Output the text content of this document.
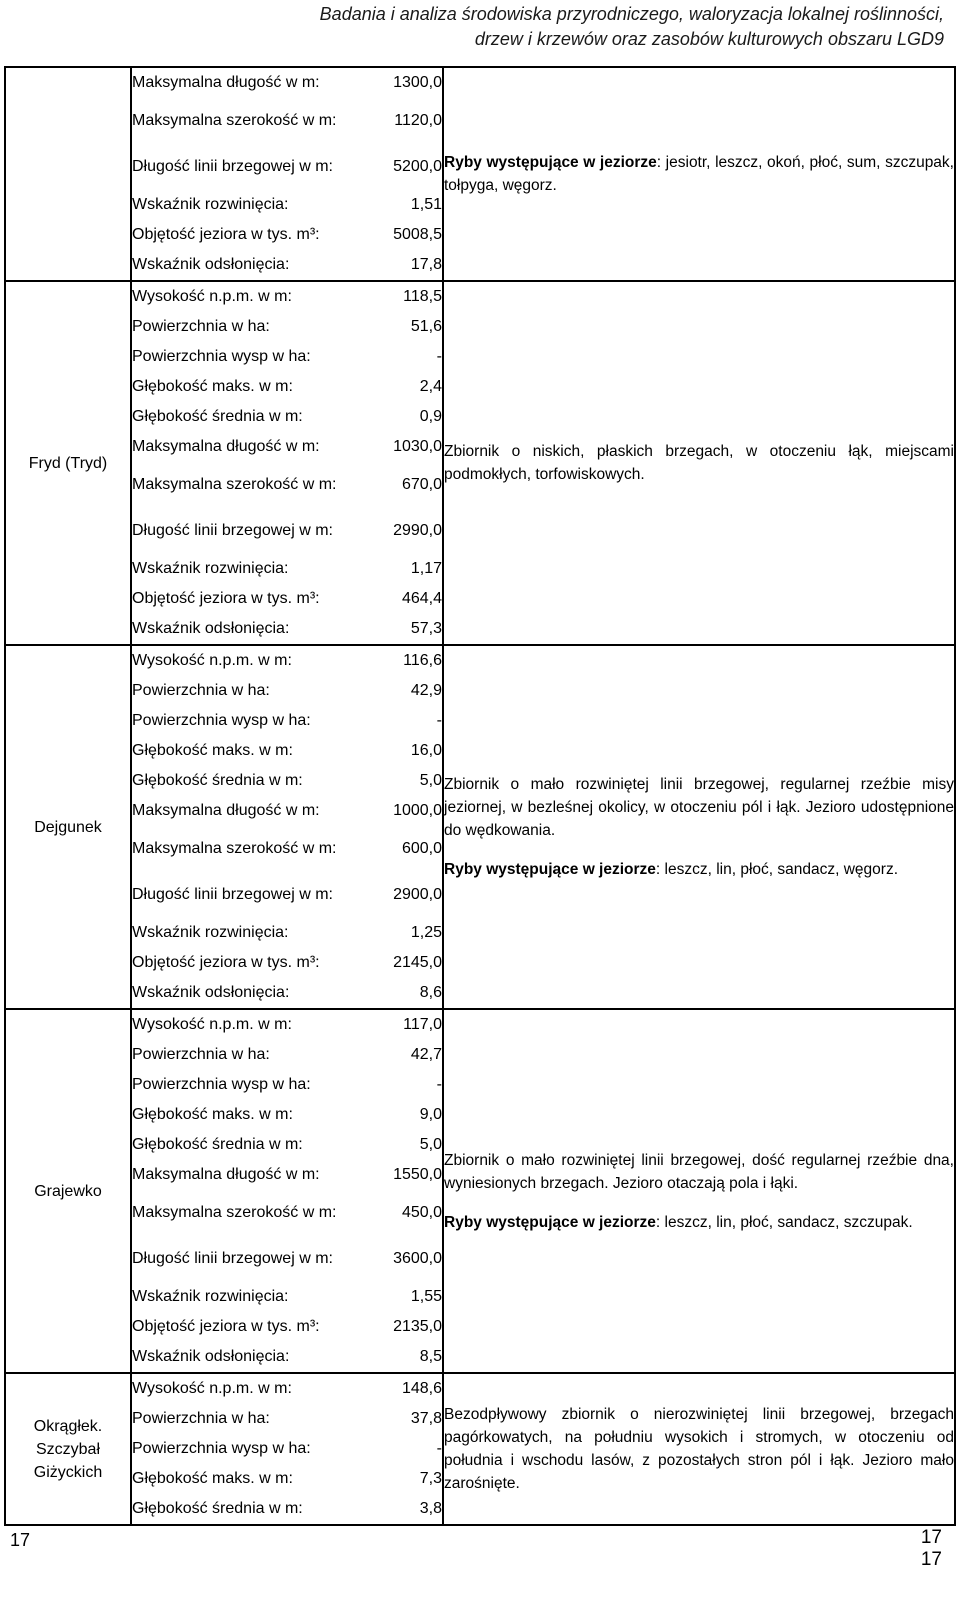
Badania i analiza środowiska przyrodniczego, waloryzacja lokalnej roślinności,
drzew i krzewów oraz zasobów kulturowych obszaru LGD9

Maksymalna długość w m:	1300,0
Maksymalna szerokość w m:	1120,0
Długość linii brzegowej w m:	5200,0
Wskaźnik rozwinięcia:	1,51
Objętość jeziora w tys. m³:	5008,5
Wskaźnik odsłonięcia:	17,8

Ryby występujące w jeziorze: jesiotr, leszcz, okoń, płoć, sum, szczupak, tołpyga, węgorz.

Fryd (Tryd)	
Wysokość n.p.m. w m:	118,5
Powierzchnia w ha:	51,6
Powierzchnia wysp w ha:	-
Głębokość maks. w m:	2,4
Głębokość średnia w m:	0,9
Maksymalna długość w m:	1030,0
Maksymalna szerokość w m:	670,0
Długość linii brzegowej w m:	2990,0
Wskaźnik rozwinięcia:	1,17
Objętość jeziora w tys. m³:	464,4
Wskaźnik odsłonięcia:	57,3

Zbiornik o niskich, płaskich brzegach, w otoczeniu łąk, miejscami podmokłych, torfowiskowych.

Dejgunek	
Wysokość n.p.m. w m:	116,6
Powierzchnia w ha:	42,9
Powierzchnia wysp w ha:	-
Głębokość maks. w m:	16,0
Głębokość średnia w m:	5,0
Maksymalna długość w m:	1000,0
Maksymalna szerokość w m:	600,0
Długość linii brzegowej w m:	2900,0
Wskaźnik rozwinięcia:	1,25
Objętość jeziora w tys. m³:	2145,0
Wskaźnik odsłonięcia:	8,6

Zbiornik o mało rozwiniętej linii brzegowej, regularnej rzeźbie misy jeziornej, w bezleśnej okolicy, w otoczeniu pól i łąk. Jezioro udostępnione do wędkowania.

Ryby występujące w jeziorze: leszcz, lin, płoć, sandacz, węgorz.

Grajewko	
Wysokość n.p.m. w m:	117,0
Powierzchnia w ha:	42,7
Powierzchnia wysp w ha:	-
Głębokość maks. w m:	9,0
Głębokość średnia w m:	5,0
Maksymalna długość w m:	1550,0
Maksymalna szerokość w m:	450,0
Długość linii brzegowej w m:	3600,0
Wskaźnik rozwinięcia:	1,55
Objętość jeziora w tys. m³:	2135,0
Wskaźnik odsłonięcia:	8,5

Zbiornik o mało rozwiniętej linii brzegowej, dość regularnej rzeźbie dna, wyniesionych brzegach. Jezioro otaczają pola i łąki.

Ryby występujące w jeziorze: leszcz, lin, płoć, sandacz, szczupak.

Okrągłek. Szczybał Giżyckich	
Wysokość n.p.m. w m:	148,6
Powierzchnia w ha:	37,8
Powierzchnia wysp w ha:	-
Głębokość maks. w m:	7,3
Głębokość średnia w m:	3,8

Bezodpływowy zbiornik o nierozwiniętej linii brzegowej, brzegach pagórkowatych, na południu wysokich i stromych, w otoczeniu od południa i wschodu lasów, z pozostałych stron pól i łąk. Jezioro mało zarośnięte.

17	17
17
